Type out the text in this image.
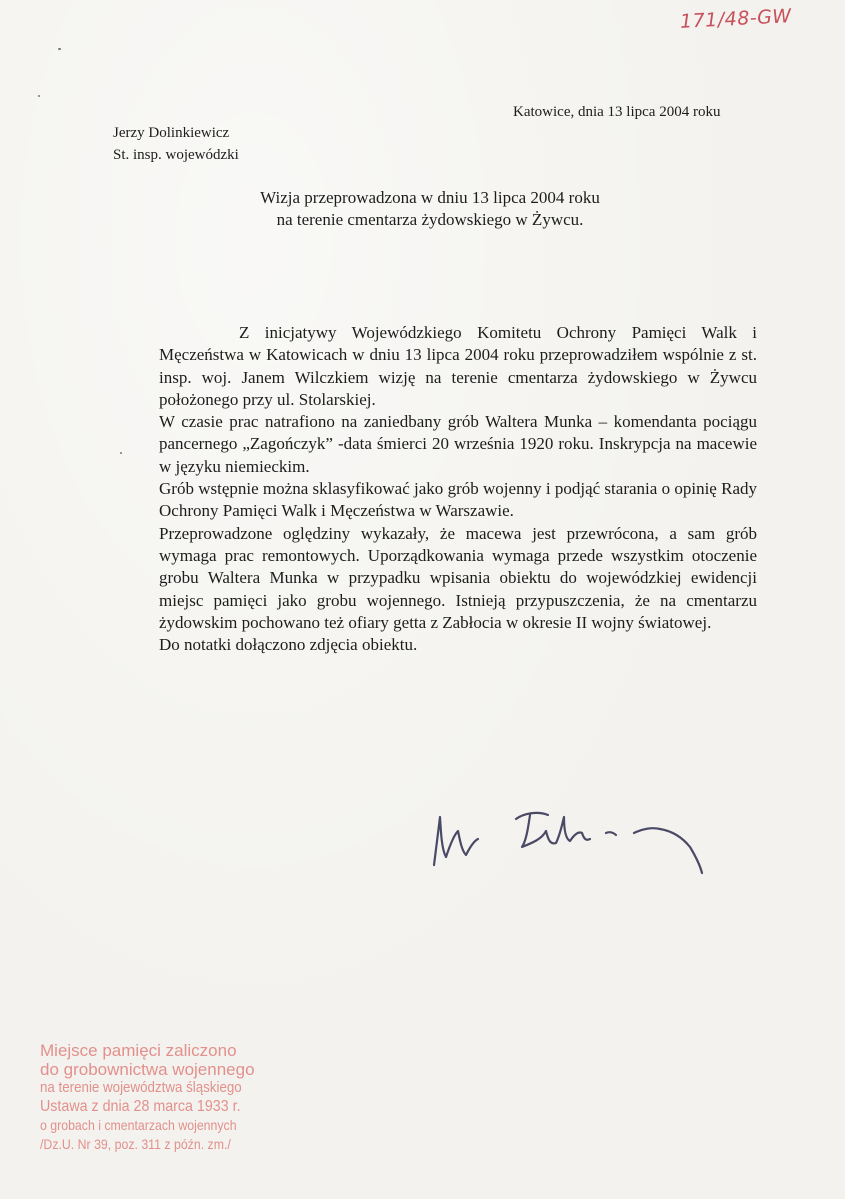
171/48-GW
Katowice, dnia 13 lipca 2004 roku
Jerzy Dolinkiewicz
St. insp. wojewódzki
Wizja przeprowadzona w dniu 13 lipca 2004 roku
na terenie cmentarza żydowskiego w Żywcu.

Z inicjatywy Wojewódzkiego Komitetu Ochrony Pamięci Walk i Męczeństwa w Katowicach w dniu 13 lipca 2004 roku przeprowadziłem wspólnie z st. insp. woj. Janem Wilczkiem wizję na terenie cmentarza żydowskiego w Żywcu położonego przy ul. Stolarskiej.

W czasie prac natrafiono na zaniedbany grób Waltera Munka – komendanta pociągu pancernego „Zagończyk” -data śmierci 20 września 1920 roku. Inskrypcja na macewie w języku niemieckim.

Grób wstępnie można sklasyfikować jako grób wojenny i podjąć starania o opinię Rady Ochrony Pamięci Walk i Męczeństwa w Warszawie.

Przeprowadzone oględziny wykazały, że macewa jest przewrócona, a sam grób wymaga prac remontowych. Uporządkowania wymaga przede wszystkim otoczenie grobu Waltera Munka w przypadku wpisania obiektu do wojewódzkiej ewidencji miejsc pamięci jako grobu wojennego. Istnieją przypuszczenia, że na cmentarzu żydowskim pochowano też ofiary getta z Zabłocia w okresie II wojny światowej.

Do notatki dołączono zdjęcia obiektu.

Miejsce pamięci zaliczono
do grobownictwa wojennego
na terenie województwa śląskiego
Ustawa z dnia 28 marca 1933 r.
o grobach i cmentarzach wojennych
/Dz.U. Nr 39, poz. 311 z późn. zm./
